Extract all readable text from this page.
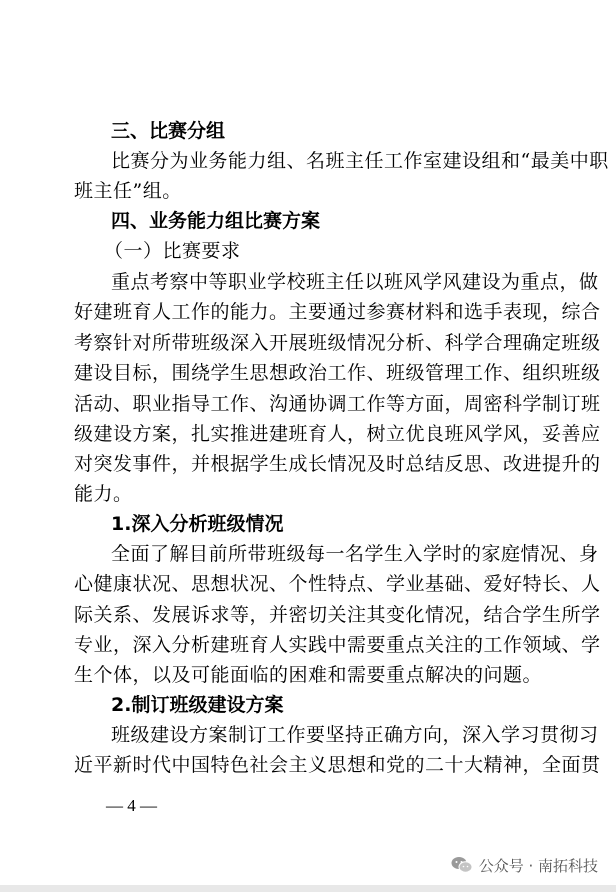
三、比赛分组
比赛分为业务能力组、名班主任工作室建设组和“最美中职
班主任”组。
四、业务能力组比赛方案
（一）比赛要求
重点考察中等职业学校班主任以班风学风建设为重点，做
好建班育人工作的能力。主要通过参赛材料和选手表现，综合
考察针对所带班级深入开展班级情况分析、科学合理确定班级
建设目标，围绕学生思想政治工作、班级管理工作、组织班级
活动、职业指导工作、沟通协调工作等方面，周密科学制订班
级建设方案，扎实推进建班育人，树立优良班风学风，妥善应
对突发事件，并根据学生成长情况及时总结反思、改进提升的
能力。
1.深入分析班级情况
全面了解目前所带班级每一名学生入学时的家庭情况、身
心健康状况、思想状况、个性特点、学业基础、爱好特长、人
际关系、发展诉求等，并密切关注其变化情况，结合学生所学
专业，深入分析建班育人实践中需要重点关注的工作领域、学
生个体，以及可能面临的困难和需要重点解决的问题。
2.制订班级建设方案
班级建设方案制订工作要坚持正确方向，深入学习贯彻习
近平新时代中国特色社会主义思想和党的二十大精神，全面贯
— 4 —
公众号 · 南拓科技
